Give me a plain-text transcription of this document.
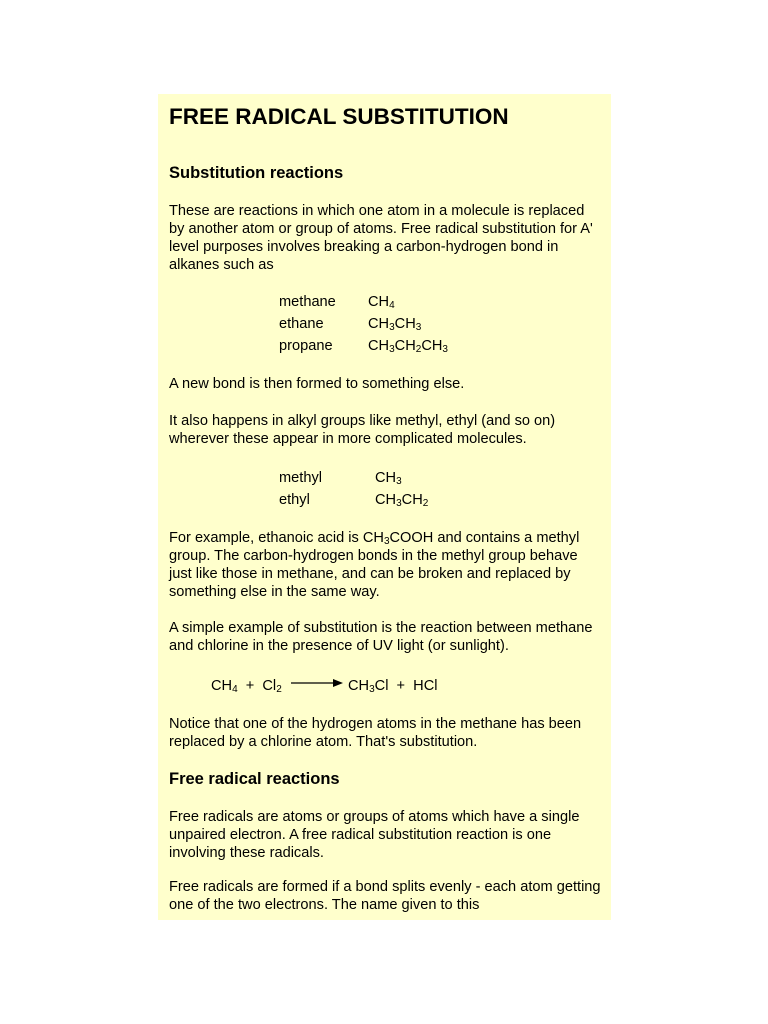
FREE RADICAL SUBSTITUTION
Substitution reactions

These are reactions in which one atom in a molecule is replaced by another atom or group of atoms. Free radical substitution for A' level purposes involves breaking a carbon-hydrogen bond in alkanes such as

methane $CH_4$
ethane	$CH_3CH_3$
propane $CH_3CH_2CH_3$

A new bond is then formed to something else.

It also happens in alkyl groups like methyl, ethyl (and so on) wherever these appear in more complicated molecules.

methyl	$CH_3$
ethyl	$CH_3CH_2$

For example, ethanoic acid is $CH_3COOH$ and contains a methyl group. The carbon-hydrogen bonds in the methyl group behave just like those in methane, and can be broken and replaced by something else in the same way.

A simple example of substitution is the reaction between methane and chlorine in the presence of UV light (or sunlight).

$CH_4 + Cl_2 \to CH_3Cl$  +  HCl

Notice that one of the hydrogen atoms in the methane has been replaced by a chlorine atom. That's substitution.

Free radical reactions

Free radicals are atoms or groups of atoms which have a single unpaired electron. A free radical substitution reaction is one involving these radicals.

Free radicals are formed if a bond splits evenly - each atom getting one of the two electrons. The name given to this
